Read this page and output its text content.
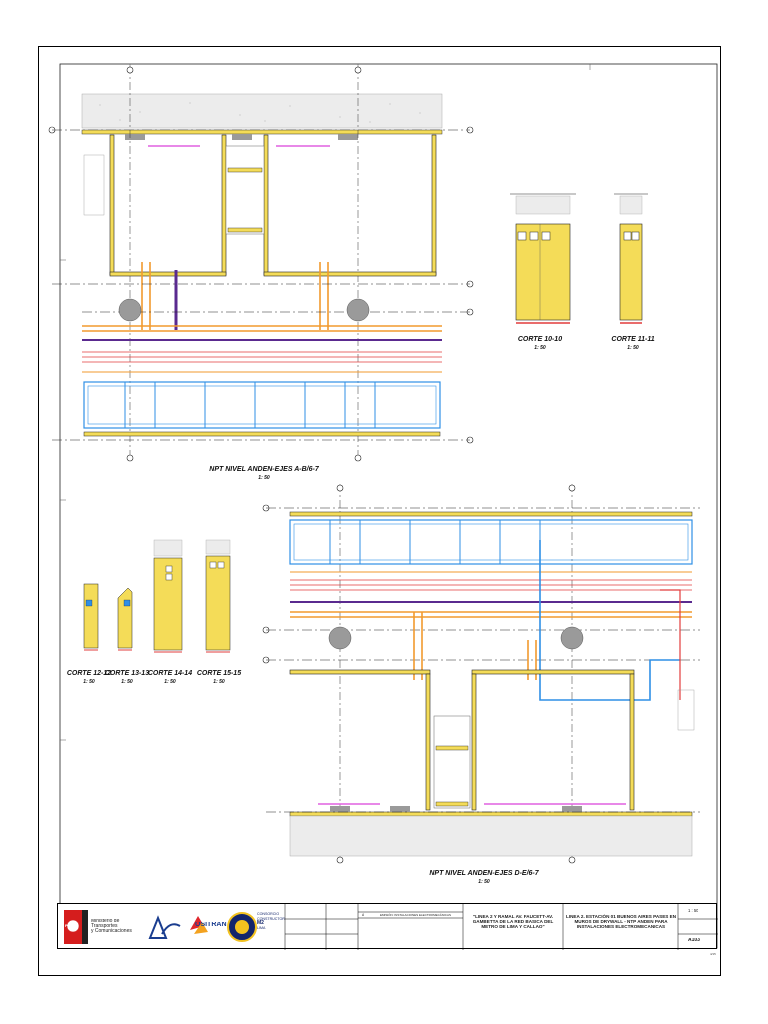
NPT NIVEL ANDEN-EJES A-B/6-7
1: 50
NPT NIVEL ANDEN-EJES D-E/6-7
1: 50
CORTE 10-10
1: 50
CORTE 11-11
1: 50
CORTE 12-12
1: 50
CORTE 13-13
1: 50
CORTE 14-14
1: 50
CORTE 15-15
1: 50
PERÚ
Ministerio de Transportes
y Comunicaciones
OSITRAN
CONSORCIO
CONSTRUCTOR
M2
LIMA
A	EMISIÓN: INSTALACIONES ELECTROMECÁNICAS	"LINEA 2 Y RAMAL AV. FAUCETT-AV. GAMBETTA DE LA RED BASICA DEL METRO DE LIMA Y CALLAO"
LINEA 2. ESTACIÓN 01 BUENOS AIRES PASES EN MUROS DE DRYWALL - NTP ANDEN PARA INSTALACIONES ELECTROMECANICAS
1 : 50
A103
4/15
